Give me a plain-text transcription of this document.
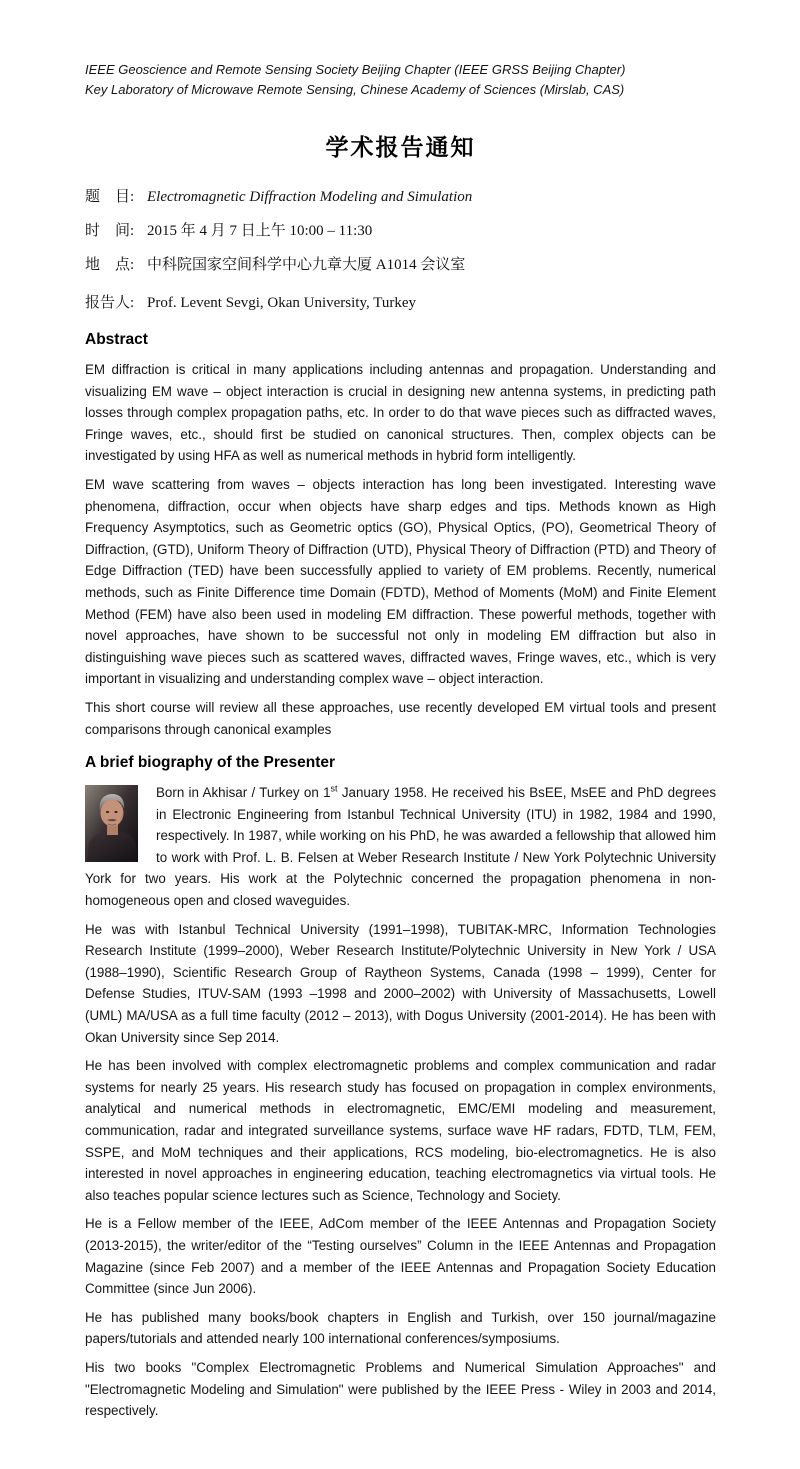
IEEE Geoscience and Remote Sensing Society Beijing Chapter (IEEE GRSS Beijing Chapter)

Key Laboratory of Microwave Remote Sensing, Chinese Academy of Sciences (Mirslab, CAS)

学术报告通知
题　目: Electromagnetic Diffraction Modeling and Simulation
时　间: 2015 年 4 月 7 日上午 10:00 – 11:30
地　点: 中科院国家空间科学中心九章大厦 A1014 会议室
报告人: Prof. Levent Sevgi, Okan University, Turkey
Abstract

EM diffraction is critical in many applications including antennas and propagation. Understanding and visualizing EM wave – object interaction is crucial in designing new antenna systems, in predicting path losses through complex propagation paths, etc. In order to do that wave pieces such as diffracted waves, Fringe waves, etc., should first be studied on canonical structures. Then, complex objects can be investigated by using HFA as well as numerical methods in hybrid form intelligently.

EM wave scattering from waves – objects interaction has long been investigated. Interesting wave phenomena, diffraction, occur when objects have sharp edges and tips. Methods known as High Frequency Asymptotics, such as Geometric optics (GO), Physical Optics, (PO), Geometrical Theory of Diffraction, (GTD), Uniform Theory of Diffraction (UTD), Physical Theory of Diffraction (PTD) and Theory of Edge Diffraction (TED) have been successfully applied to variety of EM problems. Recently, numerical methods, such as Finite Difference time Domain (FDTD), Method of Moments (MoM) and Finite Element Method (FEM) have also been used in modeling EM diffraction. These powerful methods, together with novel approaches, have shown to be successful not only in modeling EM diffraction but also in distinguishing wave pieces such as scattered waves, diffracted waves, Fringe waves, etc., which is very important in visualizing and understanding complex wave – object interaction.

This short course will review all these approaches, use recently developed EM virtual tools and present comparisons through canonical examples

A brief biography of the Presenter

Born in Akhisar / Turkey on 1st January 1958. He received his BsEE, MsEE and PhD degrees in Electronic Engineering from Istanbul Technical University (ITU) in 1982, 1984 and 1990, respectively. In 1987, while working on his PhD, he was awarded a fellowship that allowed him to work with Prof. L. B. Felsen at Weber Research Institute / New York Polytechnic University York for two years. His work at the Polytechnic concerned the propagation phenomena in non-homogeneous open and closed waveguides.

He was with Istanbul Technical University (1991–1998), TUBITAK-MRC, Information Technologies Research Institute (1999–2000), Weber Research Institute/Polytechnic University in New York / USA (1988–1990), Scientific Research Group of Raytheon Systems, Canada (1998 – 1999), Center for Defense Studies, ITUV-SAM (1993 –1998 and 2000–2002) with University of Massachusetts, Lowell (UML) MA/USA as a full time faculty (2012 – 2013), with Dogus University (2001-2014). He has been with Okan University since Sep 2014.

He has been involved with complex electromagnetic problems and complex communication and radar systems for nearly 25 years. His research study has focused on propagation in complex environments, analytical and numerical methods in electromagnetic, EMC/EMI modeling and measurement, communication, radar and integrated surveillance systems, surface wave HF radars, FDTD, TLM, FEM, SSPE, and MoM techniques and their applications, RCS modeling, bio-electromagnetics. He is also interested in novel approaches in engineering education, teaching electromagnetics via virtual tools. He also teaches popular science lectures such as Science, Technology and Society.

He is a Fellow member of the IEEE, AdCom member of the IEEE Antennas and Propagation Society (2013-2015), the writer/editor of the “Testing ourselves” Column in the IEEE Antennas and Propagation Magazine (since Feb 2007) and a member of the IEEE Antennas and Propagation Society Education Committee (since Jun 2006).

He has published many books/book chapters in English and Turkish, over 150 journal/magazine papers/tutorials and attended nearly 100 international conferences/symposiums.

His two books "Complex Electromagnetic Problems and Numerical Simulation Approaches" and "Electromagnetic Modeling and Simulation" were published by the IEEE Press - Wiley in 2003 and 2014, respectively.
